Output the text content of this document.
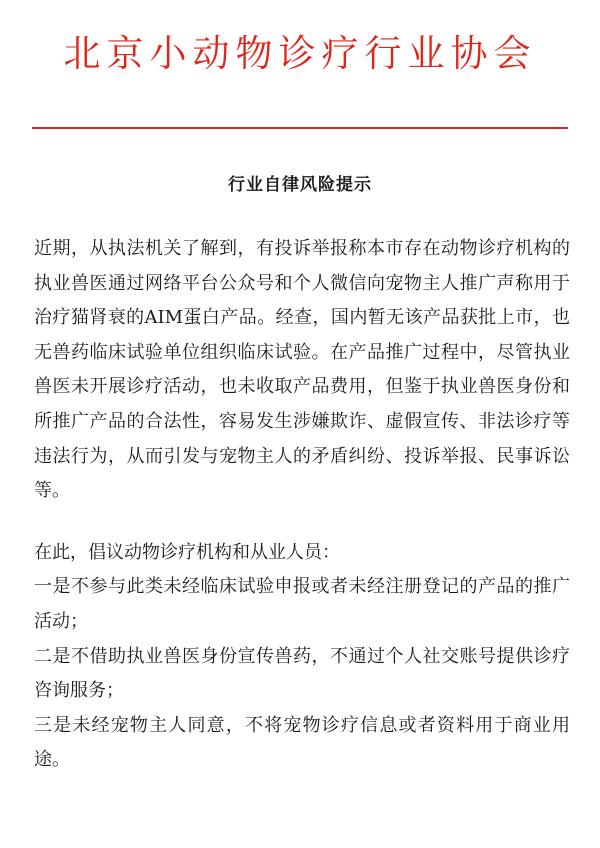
北京小动物诊疗行业协会
行业自律风险提示

近期，从执法机关了解到，有投诉举报称本市存在动物诊疗机构的执业兽医通过网络平台公众号和个人微信向宠物主人推广声称用于治疗猫肾衰的AIM蛋白产品。经查，国内暂无该产品获批上市，也无兽药临床试验单位组织临床试验。在产品推广过程中，尽管执业兽医未开展诊疗活动，也未收取产品费用，但鉴于执业兽医身份和所推广产品的合法性，容易发生涉嫌欺诈、虚假宣传、非法诊疗等违法行为，从而引发与宠物主人的矛盾纠纷、投诉举报、民事诉讼等。

在此，倡议动物诊疗机构和从业人员：

一是不参与此类未经临床试验申报或者未经注册登记的产品的推广活动；

二是不借助执业兽医身份宣传兽药，不通过个人社交账号提供诊疗咨询服务；

三是未经宠物主人同意，不将宠物诊疗信息或者资料用于商业用途。
